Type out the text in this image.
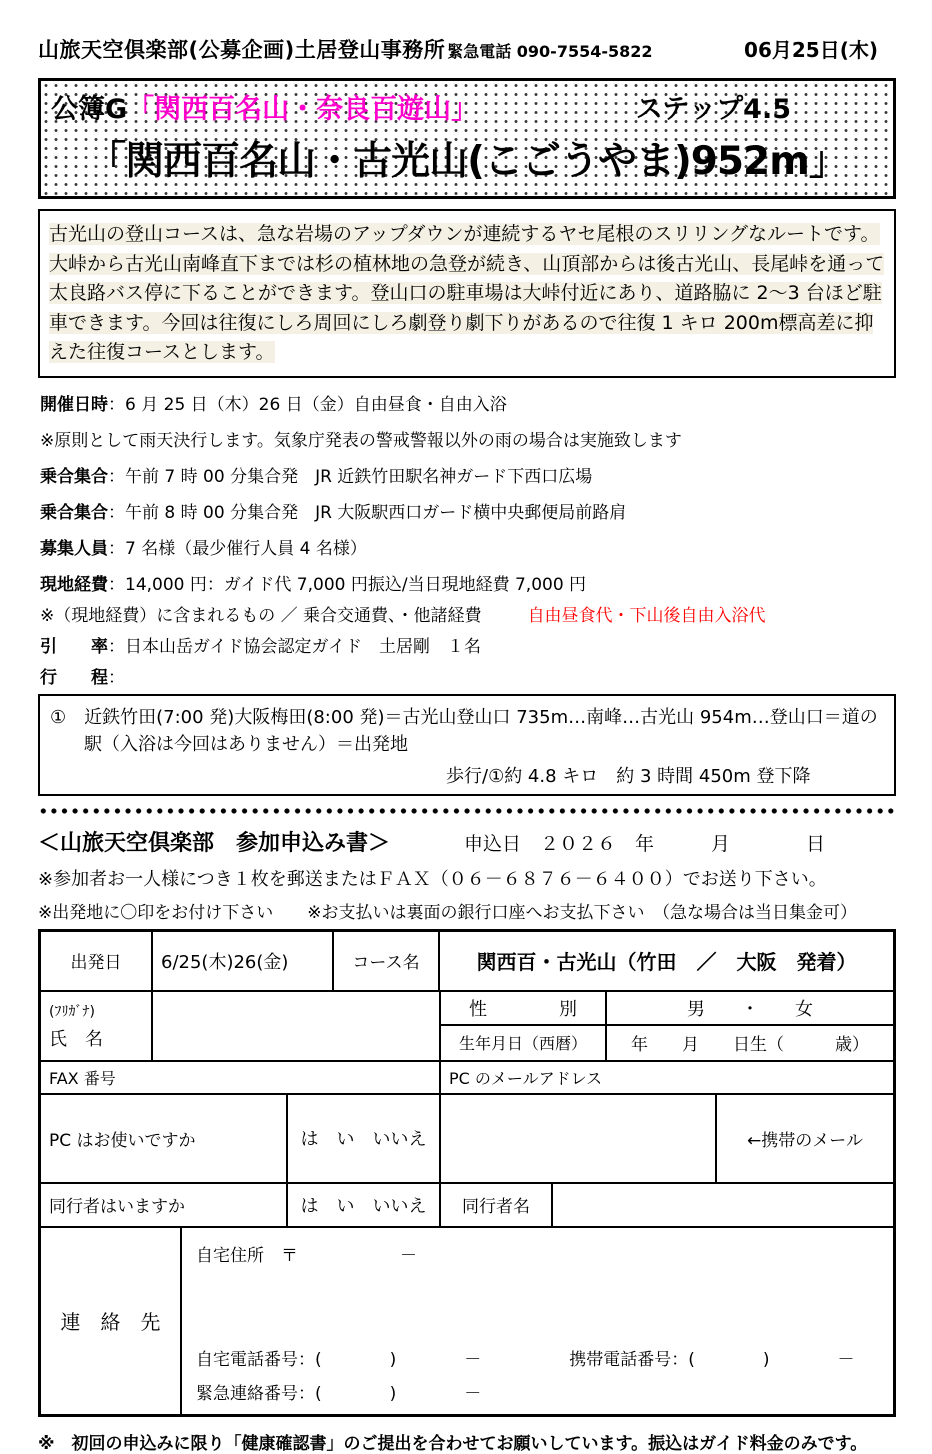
山旅天空倶楽部(公募企画)土居登山事務所 緊急電話 090-7554-5822	06月25日(木)
公簿G 「関西百名山・奈良百遊山」	ステップ4.5
「関西百名山・古光山(こごうやま)952m」

古光山の登山コースは、急な岩場のアップダウンが連続するヤセ尾根のスリリングなルートです。大峠から古光山南峰直下までは杉の植林地の急登が続き、山頂部からは後古光山、長尾峠を通って太良路バス停に下ることができます。登山口の駐車場は大峠付近にあり、道路脇に 2～3 台ほど駐車できます。今回は往復にしろ周回にしろ劇登り劇下りがあるので往復 1 キロ 200m標高差に抑えた往復コースとします。

開催日時 ：6 月 25 日（木）26 日（金）自由昼食・自由入浴
※原則として雨天決行します。気象庁発表の警戒警報以外の雨の場合は実施致します
乗合集合 ：午前 7 時 00 分集合発　JR 近鉄竹田駅名神ガード下西口広場
乗合集合 ：午前 8 時 00 分集合発　JR 大阪駅西口ガード横中央郵便局前路肩
募集人員 ：7 名様（最少催行人員 4 名様）
現地経費 ：14,000 円：ガイド代 7,000 円振込/当日現地経費 7,000 円
※（現地経費）に含まれるもの ／ 乗合交通費、・他諸経費	自由昼食代・下山後自由入浴代
引　　率 ：日本山岳ガイド協会認定ガイド　土居剛　１名
行　　程 ：
①　近鉄竹田(7:00 発)大阪梅田(8:00 発)＝古光山登山口 735m…南峰…古光山 954m…登山口＝道の駅（入浴は今回はありません）＝出発地
歩行/①約 4.8 キロ　約 3 時間 450m 登下降
＜山旅天空倶楽部　参加申込み書＞	申込日　２０２６　年　　　月　　　　日
※参加者お一人様につき１枚を郵送またはＦＡＸ（０６－６８７６－６４００）でお送り下さい。
※出発地に〇印をお付け下さい　　※お支払いは裏面の銀行口座へお支払下さい　（急な場合は当日集金可）
出発日	6/25(木)26(金)	コース名	関西百・古光山（竹田　／　大阪　発着）
(ﾌﾘｶﾞﾅ)
氏　名
性　　　　別	男　　・　　女
生年月日（西暦）	年　　月　　日生（　　　歳）
FAX 番号	PC のメールアドレス
PC はお使いですか	は　い　いいえ	←携帯のメール
同行者はいますか	は　い　いいえ	同行者名
連　絡　先
自宅住所　〒　　　　　　－
自宅電話番号：(　　　　)　　　　－	携帯電話番号：(　　　　)　　　　－
緊急連絡番号：(　　　　)　　　　－
※　初回の申込みに限り「健康確認書」のご提出を合わせてお願いしています。振込はガイド料金のみです。
